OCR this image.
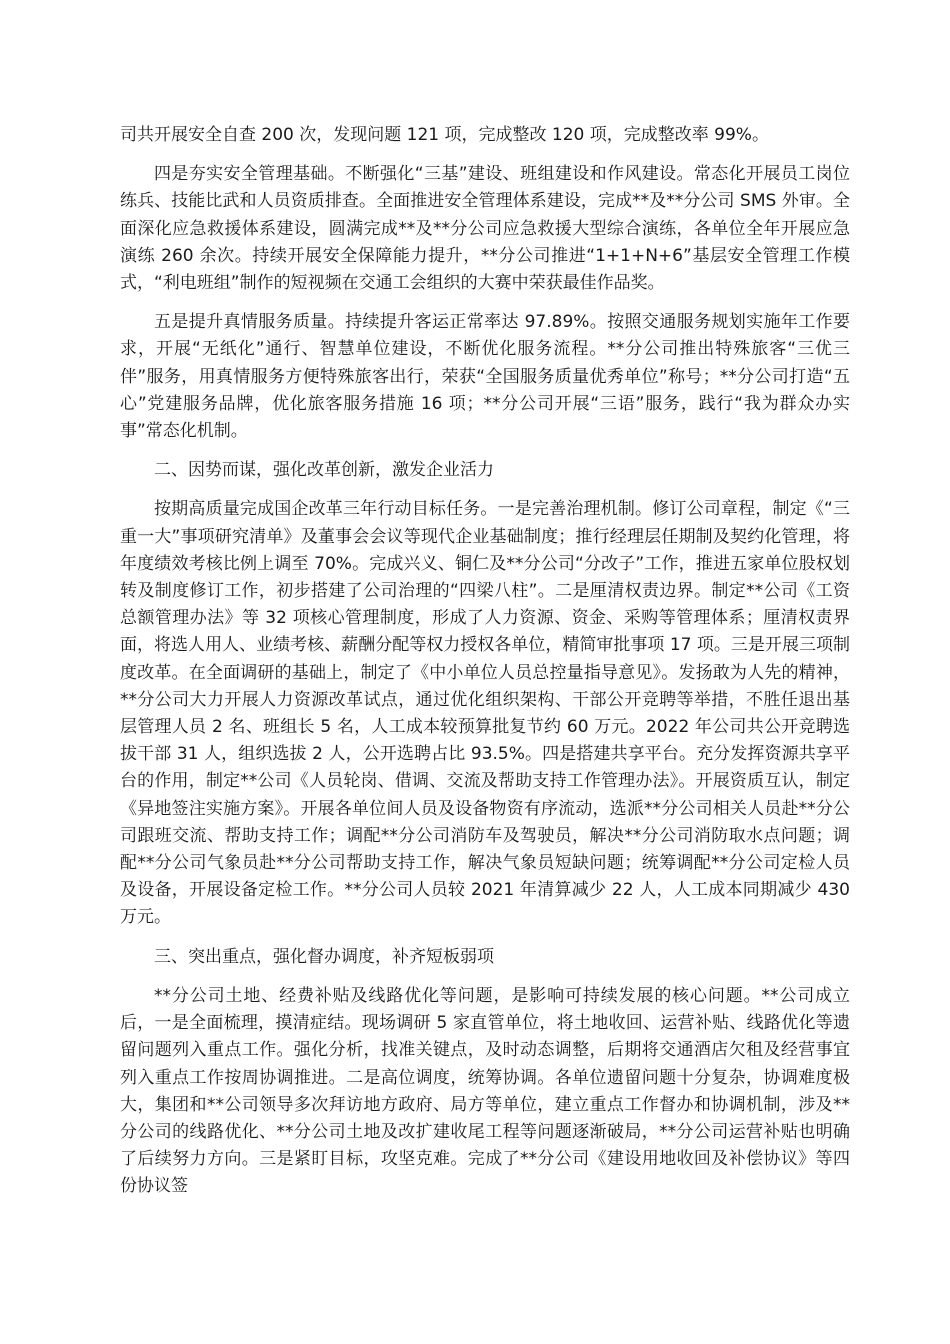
司共开展安全自查 200 次，发现问题 121 项，完成整改 120 项，完成整改率 99%。

四是夯实安全管理基础。不断强化“三基”建设、班组建设和作风建设。常态化开展员工岗位练兵、技能比武和人员资质排查。全面推进安全管理体系建设，完成**及**分公司 SMS 外审。全面深化应急救援体系建设，圆满完成**及**分公司应急救援大型综合演练，各单位全年开展应急演练 260 余次。持续开展安全保障能力提升，**分公司推进“1+1+N+6”基层安全管理工作模式，“利电班组”制作的短视频在交通工会组织的大赛中荣获最佳作品奖。

五是提升真情服务质量。持续提升客运正常率达 97.89%。按照交通服务规划实施年工作要求，开展“无纸化”通行、智慧单位建设，不断优化服务流程。**分公司推出特殊旅客“三优三伴”服务，用真情服务方便特殊旅客出行，荣获“全国服务质量优秀单位”称号；**分公司打造“五心”党建服务品牌，优化旅客服务措施 16 项；**分公司开展“三语”服务，践行“我为群众办实事”常态化机制。

二、因势而谋，强化改革创新，激发企业活力

按期高质量完成国企改革三年行动目标任务。一是完善治理机制。修订公司章程，制定《“三重一大”事项研究清单》及董事会会议等现代企业基础制度；推行经理层任期制及契约化管理，将年度绩效考核比例上调至 70%。完成兴义、铜仁及**分公司“分改子”工作，推进五家单位股权划转及制度修订工作，初步搭建了公司治理的“四梁八柱”。二是厘清权责边界。制定**公司《工资总额管理办法》等 32 项核心管理制度，形成了人力资源、资金、采购等管理体系；厘清权责界面，将选人用人、业绩考核、薪酬分配等权力授权各单位，精简审批事项 17 项。三是开展三项制度改革。在全面调研的基础上，制定了《中小单位人员总控量指导意见》。发扬敢为人先的精神，**分公司大力开展人力资源改革试点，通过优化组织架构、干部公开竞聘等举措，不胜任退出基层管理人员 2 名、班组长 5 名，人工成本较预算批复节约 60 万元。2022 年公司共公开竞聘选拔干部 31 人，组织选拔 2 人，公开选聘占比 93.5%。四是搭建共享平台。充分发挥资源共享平台的作用，制定**公司《人员轮岗、借调、交流及帮助支持工作管理办法》。开展资质互认，制定《异地签注实施方案》。开展各单位间人员及设备物资有序流动，选派**分公司相关人员赴**分公司跟班交流、帮助支持工作；调配**分公司消防车及驾驶员，解决**分公司消防取水点问题；调配**分公司气象员赴**分公司帮助支持工作，解决气象员短缺问题；统筹调配**分公司定检人员及设备，开展设备定检工作。**分公司人员较 2021 年清算减少 22 人，人工成本同期减少 430 万元。

三、突出重点，强化督办调度，补齐短板弱项

**分公司土地、经费补贴及线路优化等问题，是影响可持续发展的核心问题。**公司成立后，一是全面梳理，摸清症结。现场调研 5 家直管单位，将土地收回、运营补贴、线路优化等遗留问题列入重点工作。强化分析，找准关键点，及时动态调整，后期将交通酒店欠租及经营事宜列入重点工作按周协调推进。二是高位调度，统筹协调。各单位遗留问题十分复杂，协调难度极大，集团和**公司领导多次拜访地方政府、局方等单位，建立重点工作督办和协调机制，涉及**分公司的线路优化、**分公司土地及改扩建收尾工程等问题逐渐破局，**分公司运营补贴也明确了后续努力方向。三是紧盯目标，攻坚克难。完成了**分公司《建设用地收回及补偿协议》等四份协议签
